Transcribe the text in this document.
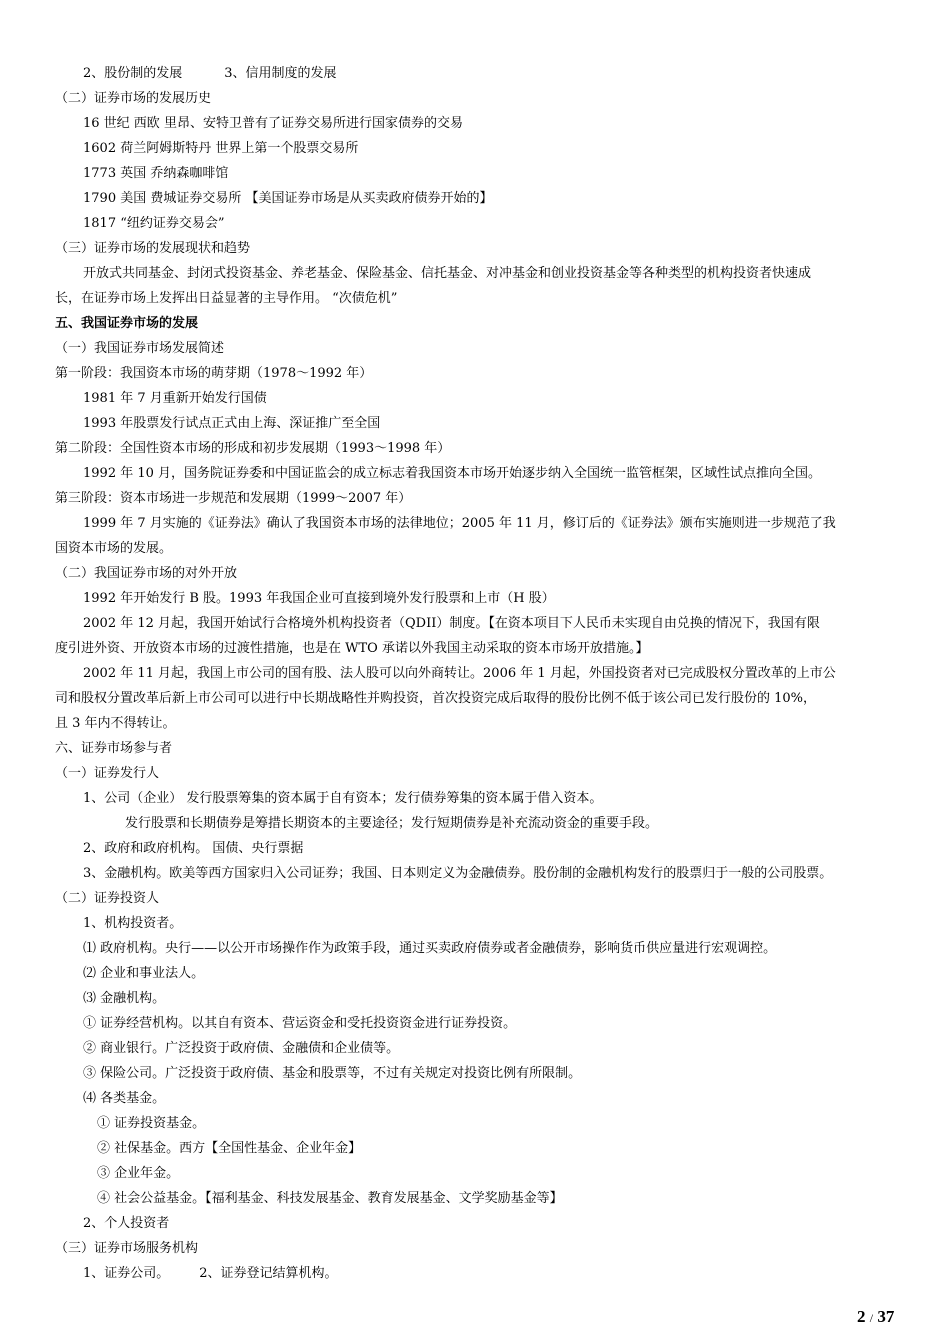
2、股份制的发展	3、信用制度的发展
（二）证券市场的发展历史
16 世纪 西欧 里昂、安特卫普有了证券交易所进行国家债券的交易
1602 荷兰阿姆斯特丹 世界上第一个股票交易所
1773 英国 乔纳森咖啡馆
1790 美国 费城证券交易所 【美国证券市场是从买卖政府债券开始的】
1817 “纽约证券交易会”
（三）证券市场的发展现状和趋势
开放式共同基金、封闭式投资基金、养老基金、保险基金、信托基金、对冲基金和创业投资基金等各种类型的机构投资者快速成
长，在证券市场上发挥出日益显著的主导作用。 “次债危机”
五、我国证券市场的发展
（一）我国证券市场发展简述
第一阶段：我国资本市场的萌芽期（1978～1992 年）
1981 年 7 月重新开始发行国债
1993 年股票发行试点正式由上海、深证推广至全国
第二阶段：全国性资本市场的形成和初步发展期（1993～1998 年）
1992 年 10 月，国务院证券委和中国证监会的成立标志着我国资本市场开始逐步纳入全国统一监管框架，区域性试点推向全国。
第三阶段：资本市场进一步规范和发展期（1999～2007 年）
1999 年 7 月实施的《证券法》确认了我国资本市场的法律地位；2005 年 11 月，修订后的《证券法》颁布实施则进一步规范了我
国资本市场的发展。
（二）我国证券市场的对外开放
1992 年开始发行 B 股。1993 年我国企业可直接到境外发行股票和上市（H 股）
2002 年 12 月起，我国开始试行合格境外机构投资者（QDII）制度。【在资本项目下人民币未实现自由兑换的情况下，我国有限
度引进外资、开放资本市场的过渡性措施，也是在 WTO 承诺以外我国主动采取的资本市场开放措施。】
2002 年 11 月起，我国上市公司的国有股、法人股可以向外商转让。2006 年 1 月起，外国投资者对已完成股权分置改革的上市公
司和股权分置改革后新上市公司可以进行中长期战略性并购投资，首次投资完成后取得的股份比例不低于该公司已发行股份的 10%，
且 3 年内不得转让。
六、证券市场参与者
（一）证券发行人
1、公司（企业） 发行股票筹集的资本属于自有资本；发行债券筹集的资本属于借入资本。
发行股票和长期债券是筹措长期资本的主要途径；发行短期债券是补充流动资金的重要手段。
2、政府和政府机构。 国债、央行票据
3、金融机构。欧美等西方国家归入公司证券；我国、日本则定义为金融债券。股份制的金融机构发行的股票归于一般的公司股票。
（二）证券投资人
1、机构投资者。
⑴ 政府机构。央行——以公开市场操作作为政策手段，通过买卖政府债券或者金融债券，影响货币供应量进行宏观调控。
⑵ 企业和事业法人。
⑶ 金融机构。
① 证券经营机构。以其自有资本、营运资金和受托投资资金进行证券投资。
② 商业银行。广泛投资于政府债、金融债和企业债等。
③ 保险公司。广泛投资于政府债、基金和股票等，不过有关规定对投资比例有所限制。
⑷ 各类基金。
① 证券投资基金。
② 社保基金。西方【全国性基金、企业年金】
③ 企业年金。
④ 社会公益基金。【福利基金、科技发展基金、教育发展基金、文学奖励基金等】
2、个人投资者
（三）证券市场服务机构
1、证券公司。 2、证券登记结算机构。
2 / 37
